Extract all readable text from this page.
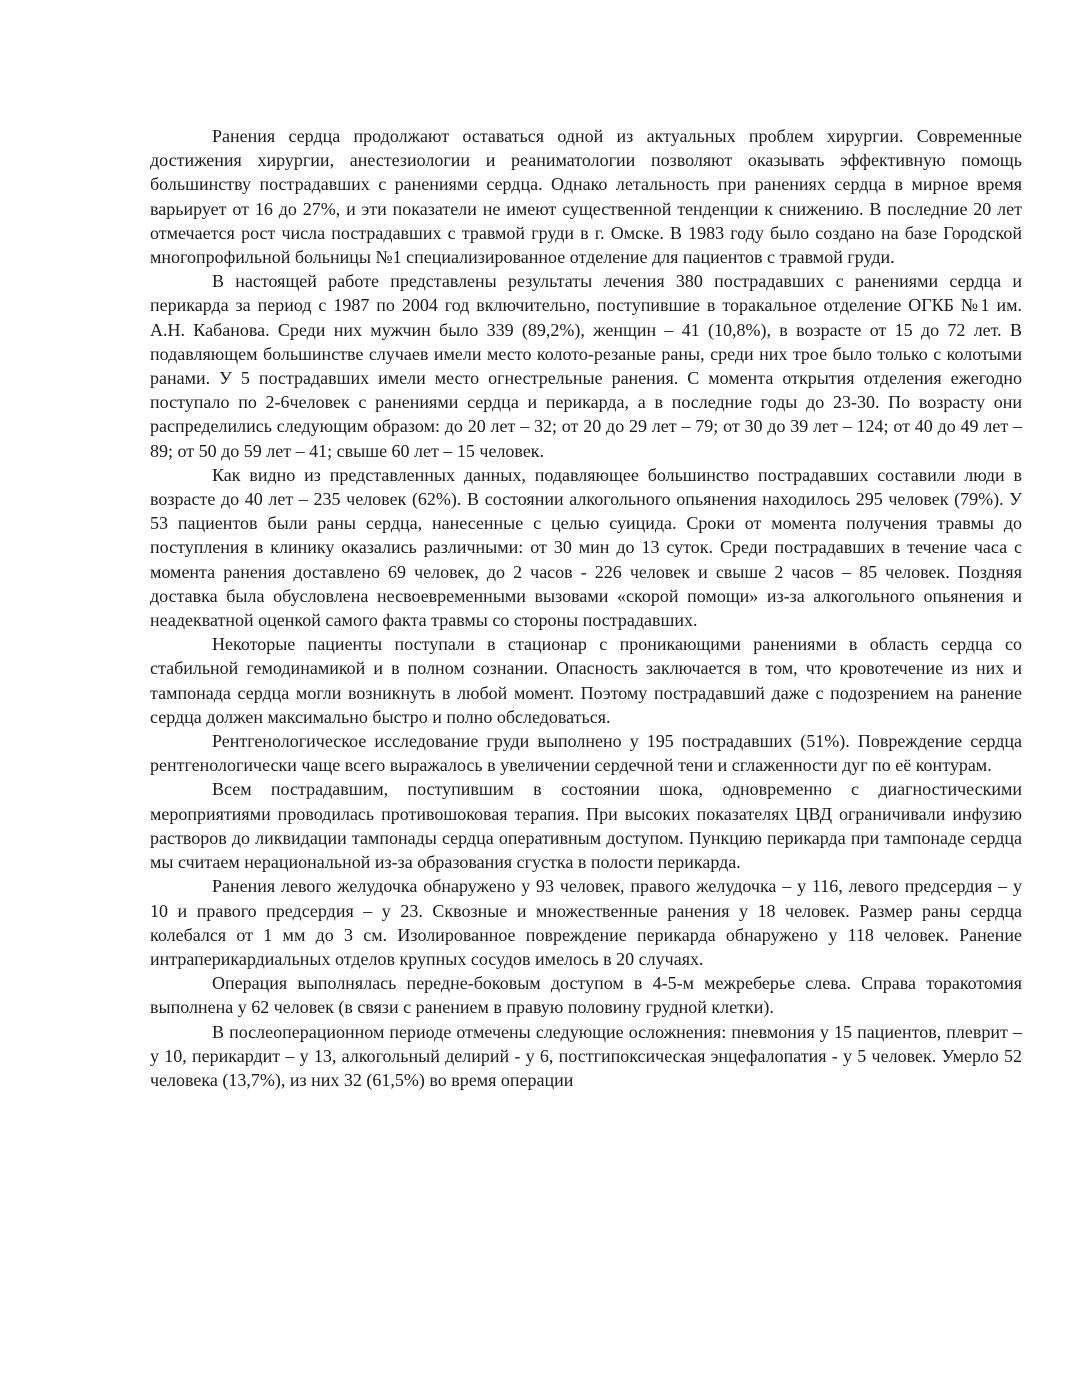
Ранения сердца продолжают оставаться одной из актуальных проблем хирургии. Современные достижения хирургии, анестезиологии и реаниматологии позволяют оказывать эффективную помощь большинству пострадавших с ранениями сердца. Однако летальность при ранениях сердца в мирное время варьирует от 16 до 27%, и эти показатели не имеют существенной тенденции к снижению. В последние 20 лет отмечается рост числа пострадавших с травмой груди в г. Омске. В 1983 году было создано на базе Городской многопрофильной больницы №1 специализированное отделение для пациентов с травмой груди.

В настоящей работе представлены результаты лечения 380 пострадавших с ранениями сердца и перикарда за период с 1987 по 2004 год включительно, поступившие в торакальное отделение ОГКБ №1 им. А.Н. Кабанова. Среди них мужчин было 339 (89,2%), женщин – 41 (10,8%), в возрасте от 15 до 72 лет. В подавляющем большинстве случаев имели место колото-резаные раны, среди них трое было только с колотыми ранами. У 5 пострадавших имели место огнестрельные ранения. С момента открытия отделения ежегодно поступало по 2-6человек с ранениями сердца и перикарда, а в последние годы до 23-30. По возрасту они распределились следующим образом: до 20 лет – 32; от 20 до 29 лет – 79; от 30 до 39 лет – 124; от 40 до 49 лет – 89; от 50 до 59 лет – 41; свыше 60 лет – 15 человек.

Как видно из представленных данных, подавляющее большинство пострадавших составили люди в возрасте до 40 лет – 235 человек (62%). В состоянии алкогольного опьянения находилось 295 человек (79%). У 53 пациентов были раны сердца, нанесенные с целью суицида. Сроки от момента получения травмы до поступления в клинику оказались различными: от 30 мин до 13 суток. Среди пострадавших в течение часа с момента ранения доставлено 69 человек, до 2 часов - 226 человек и свыше 2 часов – 85 человек. Поздняя доставка была обусловлена несвоевременными вызовами «скорой помощи» из-за алкогольного опьянения и неадекватной оценкой самого факта травмы со стороны пострадавших.

Некоторые пациенты поступали в стационар с проникающими ранениями в область сердца со стабильной гемодинамикой и в полном сознании. Опасность заключается в том, что кровотечение из них и тампонада сердца могли возникнуть в любой момент. Поэтому пострадавший даже с подозрением на ранение сердца должен максимально быстро и полно обследоваться.

Рентгенологическое исследование груди выполнено у 195 пострадавших (51%). Повреждение сердца рентгенологически чаще всего выражалось в увеличении сердечной тени и сглаженности дуг по её контурам.

Всем пострадавшим, поступившим в состоянии шока, одновременно с диагностическими мероприятиями проводилась противошоковая терапия. При высоких показателях ЦВД ограничивали инфузию растворов до ликвидации тампонады сердца оперативным доступом. Пункцию перикарда при тампонаде сердца мы считаем нерациональной из-за образования сгустка в полости перикарда.

Ранения левого желудочка обнаружено у 93 человек, правого желудочка – у 116, левого предсердия – у 10 и правого предсердия – у 23. Сквозные и множественные ранения у 18 человек. Размер раны сердца колебался от 1 мм до 3 см. Изолированное повреждение перикарда обнаружено у 118 человек. Ранение интраперикардиальных отделов крупных сосудов имелось в 20 случаях.

Операция выполнялась передне-боковым доступом в 4-5-м межреберье слева. Справа торакотомия выполнена у 62 человек (в связи с ранением в правую половину грудной клетки).

В послеоперационном периоде отмечены следующие осложнения: пневмония у 15 пациентов, плеврит – у 10, перикардит – у 13, алкогольный делирий - у 6, постгипоксическая энцефалопатия - у 5 человек. Умерло 52 человека (13,7%), из них 32 (61,5%) во время операции
